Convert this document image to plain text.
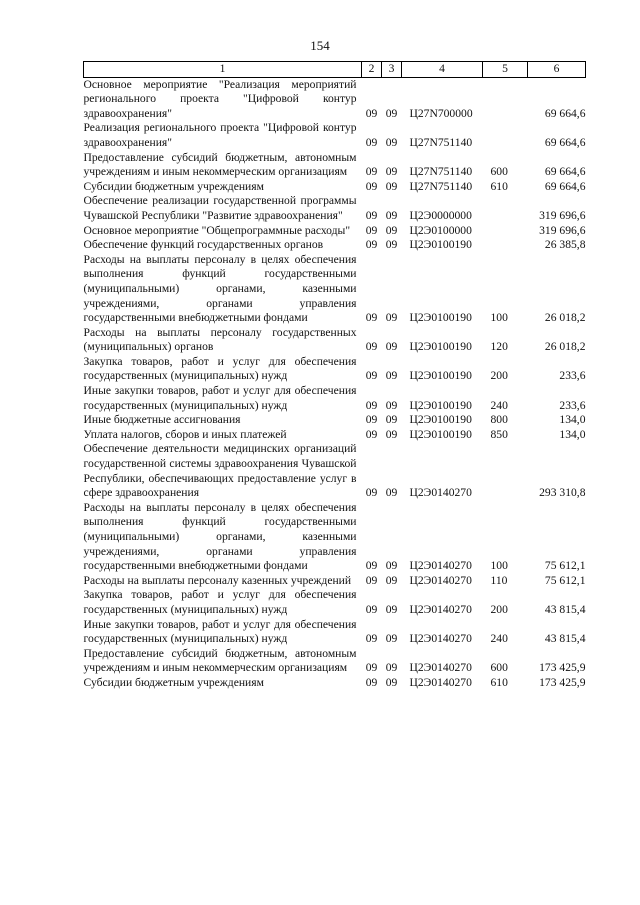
154
1	2	3	4	5	6
Основное мероприятие "Реализация мероприятий регионального проекта "Цифровой контур здравоохранения"	09	09	Ц27N700000		69 664,6
Реализация регионального проекта "Цифровой контур здравоохранения"	09	09	Ц27N751140		69 664,6
Предоставление субсидий бюджетным, автономным учреждениям и иным некоммерческим организациям	09	09	Ц27N751140	600	69 664,6
Субсидии бюджетным учреждениям	09	09	Ц27N751140	610	69 664,6
Обеспечение реализации государственной программы Чувашской Республики "Развитие здравоохранения"	09	09	Ц2Э0000000		319 696,6
Основное мероприятие "Общепрограммные расходы"	09	09	Ц2Э0100000		319 696,6
Обеспечение функций государственных органов	09	09	Ц2Э0100190		26 385,8
Расходы на выплаты персоналу в целях обеспечения выполнения функций государственными (муниципальными) органами, казенными учреждениями, органами управления государственными внебюджетными фондами	09	09	Ц2Э0100190	100	26 018,2
Расходы на выплаты персоналу государственных (муниципальных) органов	09	09	Ц2Э0100190	120	26 018,2
Закупка товаров, работ и услуг для обеспечения государственных (муниципальных) нужд	09	09	Ц2Э0100190	200	233,6
Иные закупки товаров, работ и услуг для обеспечения государственных (муниципальных) нужд	09	09	Ц2Э0100190	240	233,6
Иные бюджетные ассигнования	09	09	Ц2Э0100190	800	134,0
Уплата налогов, сборов и иных платежей	09	09	Ц2Э0100190	850	134,0
Обеспечение деятельности медицинских организаций государственной системы здравоохранения Чувашской Республики, обеспечивающих предоставление услуг в сфере здравоохранения	09	09	Ц2Э0140270		293 310,8
Расходы на выплаты персоналу в целях обеспечения выполнения функций государственными (муниципальными) органами, казенными учреждениями, органами управления государственными внебюджетными фондами	09	09	Ц2Э0140270	100	75 612,1
Расходы на выплаты персоналу казенных учреждений	09	09	Ц2Э0140270	110	75 612,1
Закупка товаров, работ и услуг для обеспечения государственных (муниципальных) нужд	09	09	Ц2Э0140270	200	43 815,4
Иные закупки товаров, работ и услуг для обеспечения государственных (муниципальных) нужд	09	09	Ц2Э0140270	240	43 815,4
Предоставление субсидий бюджетным, автономным учреждениям и иным некоммерческим организациям	09	09	Ц2Э0140270	600	173 425,9
Субсидии бюджетным учреждениям	09	09	Ц2Э0140270	610	173 425,9
